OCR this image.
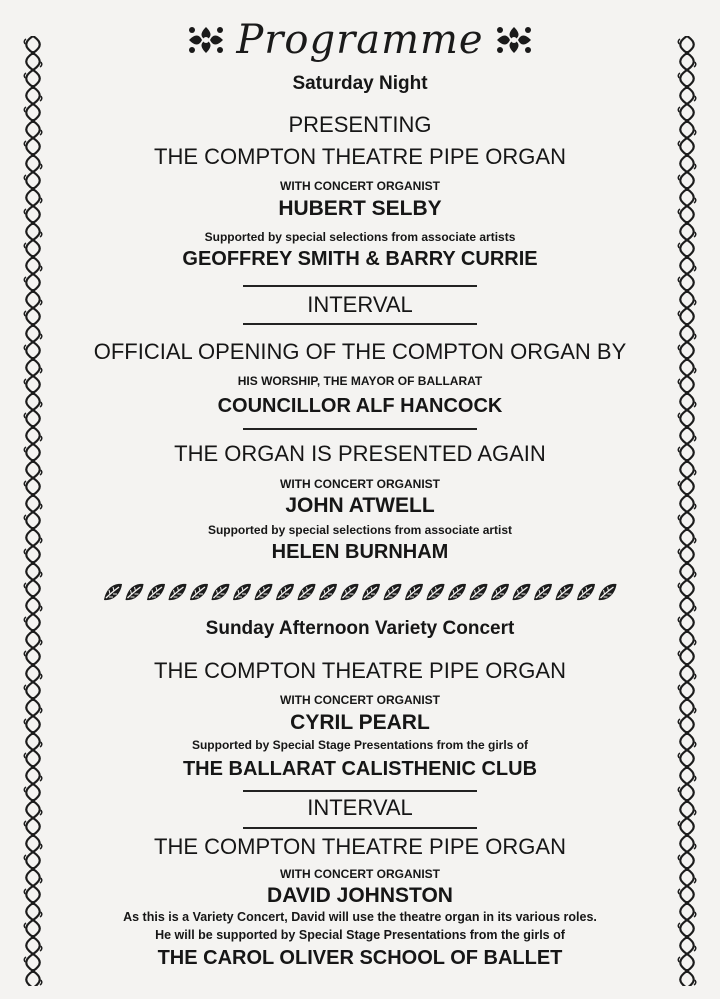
Programme

Saturday Night

PRESENTING

THE COMPTON THEATRE PIPE ORGAN

WITH CONCERT ORGANIST

HUBERT SELBY

Supported by special selections from associate artists

GEOFFREY SMITH & BARRY CURRIE

INTERVAL

OFFICIAL OPENING OF THE COMPTON ORGAN BY

HIS WORSHIP, THE MAYOR OF BALLARAT

COUNCILLOR ALF HANCOCK

THE ORGAN IS PRESENTED AGAIN

WITH CONCERT ORGANIST

JOHN ATWELL

Supported by special selections from associate artist

HELEN BURNHAM

Sunday Afternoon Variety Concert

THE COMPTON THEATRE PIPE ORGAN

WITH CONCERT ORGANIST

CYRIL PEARL

Supported by Special Stage Presentations from the girls of

THE BALLARAT CALISTHENIC CLUB

INTERVAL

THE COMPTON THEATRE PIPE ORGAN

WITH CONCERT ORGANIST

DAVID JOHNSTON

As this is a Variety Concert, David will use the theatre organ in its various roles.

He will be supported by Special Stage Presentations from the girls of

THE CAROL OLIVER SCHOOL OF BALLET
